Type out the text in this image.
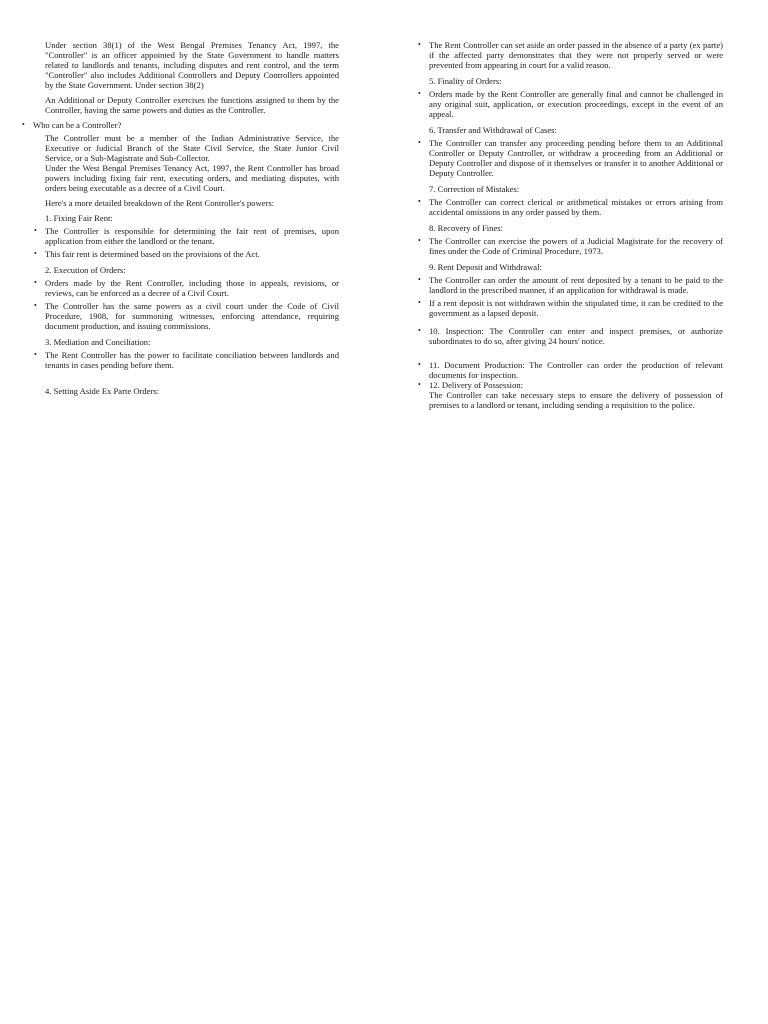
Under section 38(1) of the West Bengal Premises Tenancy Act, 1997, the "Controller" is an officer appointed by the State Government to handle matters related to landlords and tenants, including disputes and rent control, and the term "Controller" also includes Additional Controllers and Deputy Controllers appointed by the State Government. Under section 38(2)

An Additional or Deputy Controller exercises the functions assigned to them by the Controller, having the same powers and duties as the Controller.

• Who can be a Controller?

The Controller must be a member of the Indian Administrative Service, the Executive or Judicial Branch of the State Civil Service, the State Junior Civil Service, or a Sub-Magistrate and Sub-Collector.

Under the West Bengal Premises Tenancy Act, 1997, the Rent Controller has broad powers including fixing fair rent, executing orders, and mediating disputes, with orders being executable as a decree of a Civil Court.

Here's a more detailed breakdown of the Rent Controller's powers:

1. Fixing Fair Rent:

• The Controller is responsible for determining the fair rent of premises, upon application from either the landlord or the tenant.
• This fair rent is determined based on the provisions of the Act.

2. Execution of Orders:

• Orders made by the Rent Controller, including those in appeals, revisions, or reviews, can be enforced as a decree of a Civil Court.
• The Controller has the same powers as a civil court under the Code of Civil Procedure, 1908, for summoning witnesses, enforcing attendance, requiring document production, and issuing commissions.

3. Mediation and Conciliation:

• The Rent Controller has the power to facilitate conciliation between landlords and tenants in cases pending before them.

4. Setting Aside Ex Parte Orders:

• The Rent Controller can set aside an order passed in the absence of a party (ex parte) if the affected party demonstrates that they were not properly served or were prevented from appearing in court for a valid reason.

5. Finality of Orders:

• Orders made by the Rent Controller are generally final and cannot be challenged in any original suit, application, or execution proceedings, except in the event of an appeal.

6. Transfer and Withdrawal of Cases:

• The Controller can transfer any proceeding pending before them to an Additional Controller or Deputy Controller, or withdraw a proceeding from an Additional or Deputy Controller and dispose of it themselves or transfer it to another Additional or Deputy Controller.

7. Correction of Mistakes:

• The Controller can correct clerical or arithmetical mistakes or errors arising from accidental omissions in any order passed by them.

8. Recovery of Fines:

• The Controller can exercise the powers of a Judicial Magistrate for the recovery of fines under the Code of Criminal Procedure, 1973.

9. Rent Deposit and Withdrawal:

• The Controller can order the amount of rent deposited by a tenant to be paid to the landlord in the prescribed manner, if an application for withdrawal is made.
• If a rent deposit is not withdrawn within the stipulated time, it can be credited to the government as a lapsed deposit.
• 10. Inspection: The Controller can enter and inspect premises, or authorize subordinates to do so, after giving 24 hours' notice.
• 11. Document Production: The Controller can order the production of relevant documents for inspection.
• 12. Delivery of Possession:

The Controller can take necessary steps to ensure the delivery of possession of premises to a landlord or tenant, including sending a requisition to the police.
